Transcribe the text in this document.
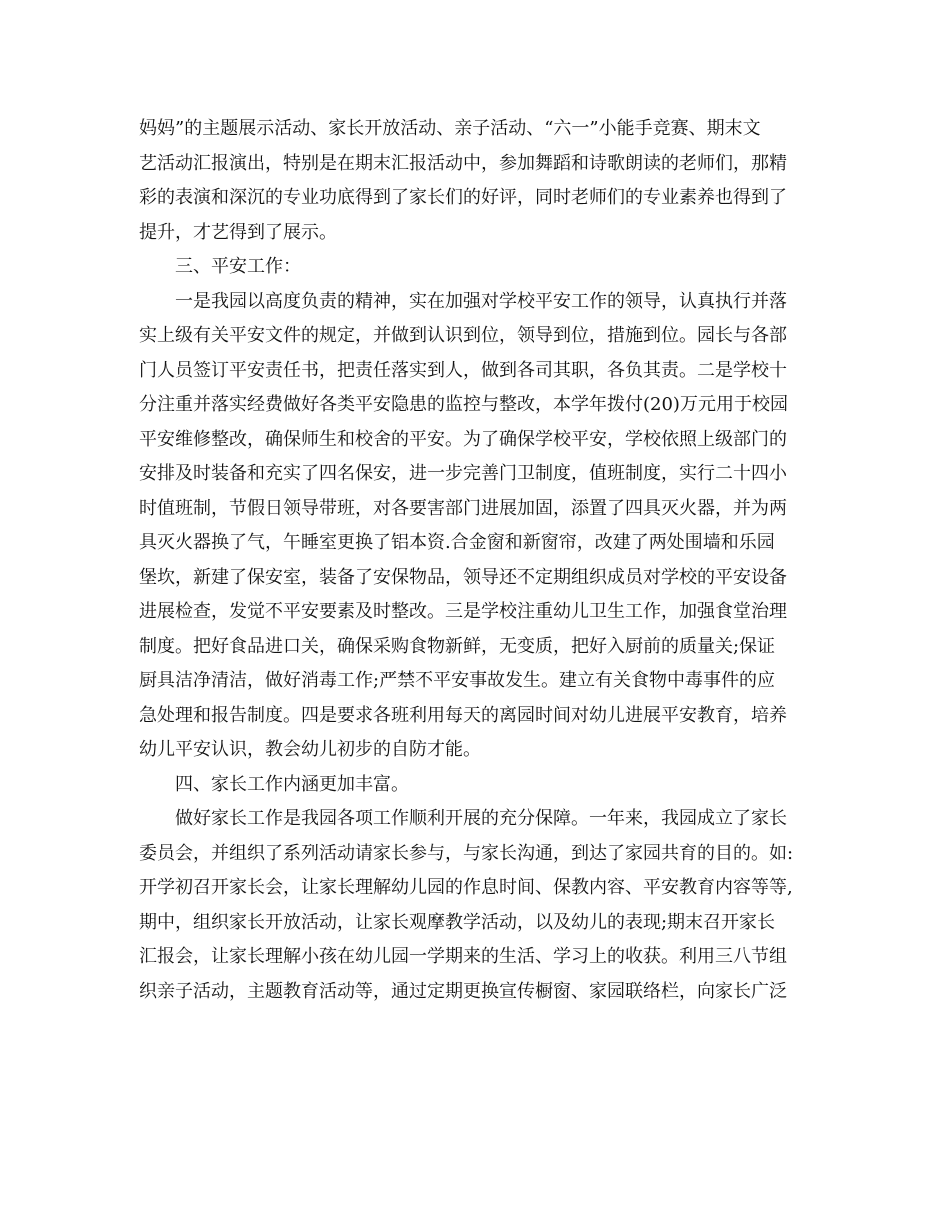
妈妈”的主题展示活动、家长开放活动、亲子活动、“六一”小能手竞赛、期末文
艺活动汇报演出，特别是在期末汇报活动中，参加舞蹈和诗歌朗读的老师们，那精
彩的表演和深沉的专业功底得到了家长们的好评，同时老师们的专业素养也得到了
提升，才艺得到了展示。
三、平安工作：
一是我园以高度负责的精神，实在加强对学校平安工作的领导，认真执行并落
实上级有关平安文件的规定，并做到认识到位，领导到位，措施到位。园长与各部
门人员签订平安责任书，把责任落实到人，做到各司其职，各负其责。二是学校十
分注重并落实经费做好各类平安隐患的监控与整改，本学年拨付(20)万元用于校园
平安维修整改，确保师生和校舍的平安。为了确保学校平安，学校依照上级部门的
安排及时装备和充实了四名保安，进一步完善门卫制度，值班制度，实行二十四小
时值班制，节假日领导带班，对各要害部门进展加固，添置了四具灭火器，并为两
具灭火器换了气，午睡室更换了铝本资.合金窗和新窗帘，改建了两处围墙和乐园
堡坎，新建了保安室，装备了安保物品，领导还不定期组织成员对学校的平安设备
进展检查，发觉不平安要素及时整改。三是学校注重幼儿卫生工作，加强食堂治理
制度。把好食品进口关，确保采购食物新鲜，无变质，把好入厨前的质量关;保证
厨具洁净清洁，做好消毒工作;严禁不平安事故发生。建立有关食物中毒事件的应
急处理和报告制度。四是要求各班利用每天的离园时间对幼儿进展平安教育，培养
幼儿平安认识，教会幼儿初步的自防才能。
四、家长工作内涵更加丰富。
做好家长工作是我园各项工作顺利开展的充分保障。一年来，我园成立了家长
委员会，并组织了系列活动请家长参与，与家长沟通，到达了家园共育的目的。如:
开学初召开家长会，让家长理解幼儿园的作息时间、保教内容、平安教育内容等等,
期中，组织家长开放活动，让家长观摩教学活动，以及幼儿的表现;期末召开家长
汇报会，让家长理解小孩在幼儿园一学期来的生活、学习上的收获。利用三八节组
织亲子活动，主题教育活动等，通过定期更换宣传橱窗、家园联络栏，向家长广泛
